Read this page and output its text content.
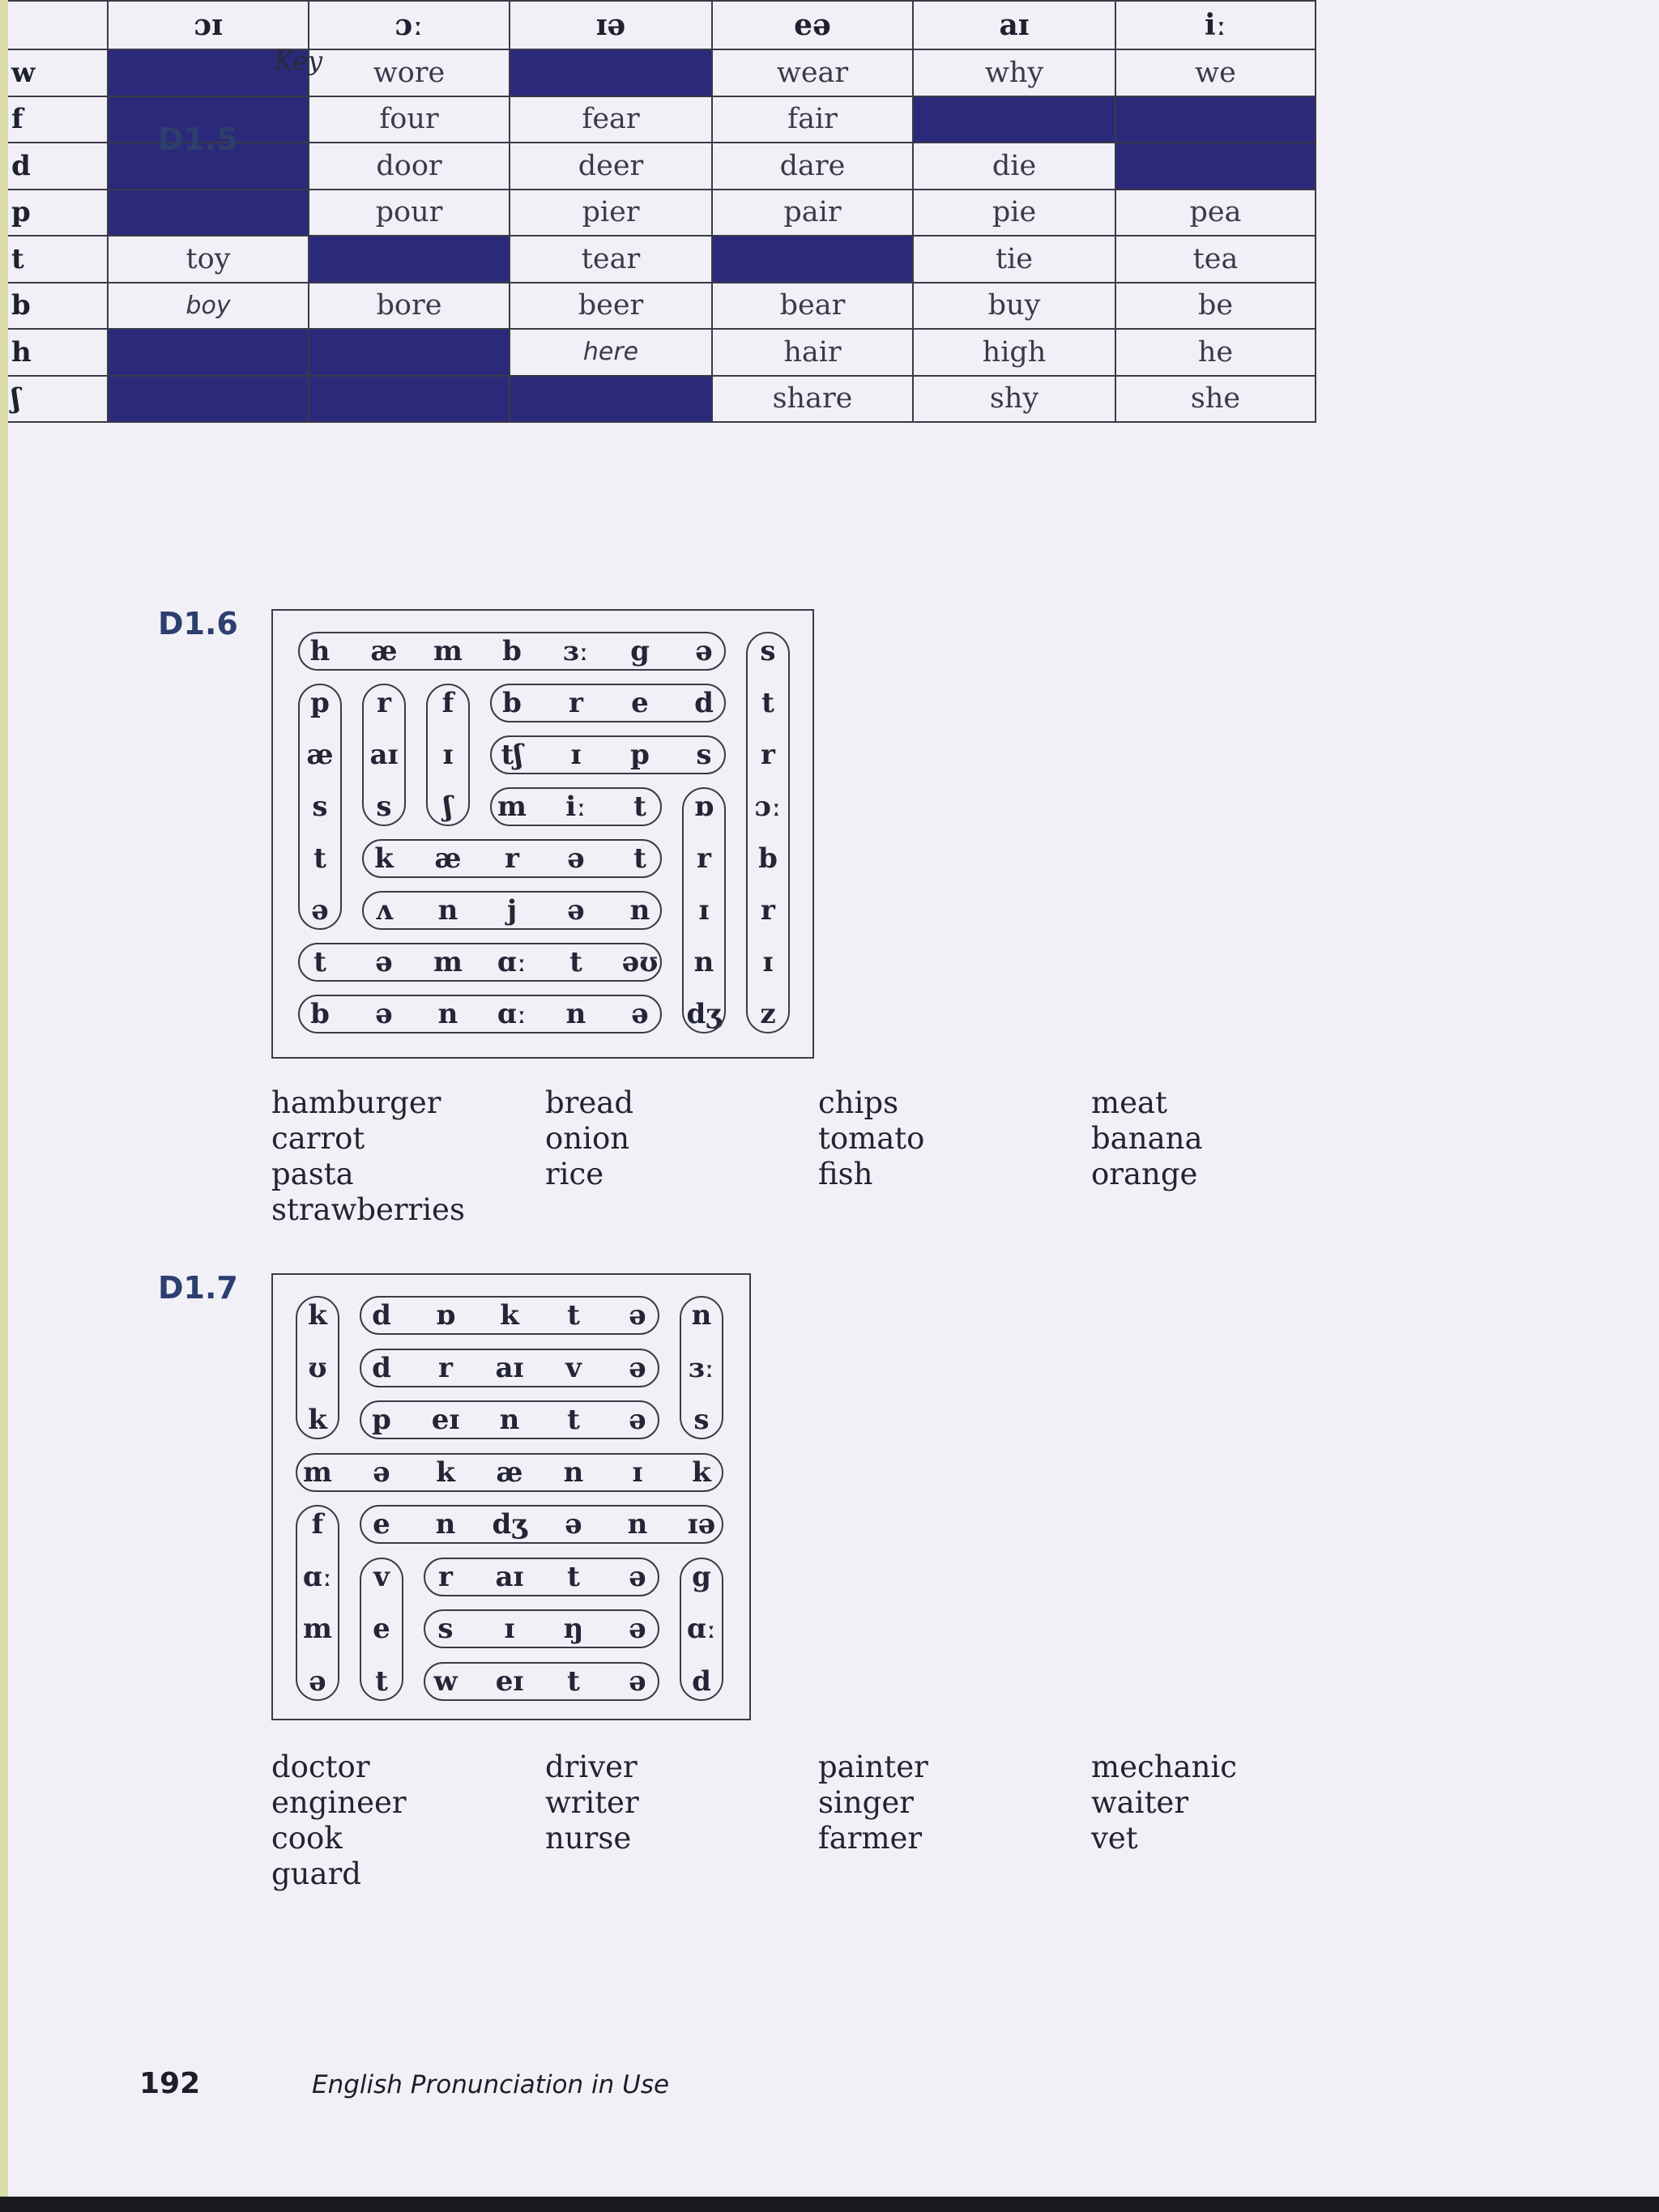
Key
D1.5
	ɔɪ	ɔː	ɪə	eə	aɪ	iː
w		wore		wear	why	we
f		four	fear	fair		
d		door	deer	dare	die	
p		pour	pier	pair	pie	pea
t	toy		tear		tie	tea
b	boy	bore	beer	bear	buy	be
h			here	hair	high	he
ʃ				share	shy	she
D1.6
h	æ	m	b	ɜː	g	ə	s
p	r	f	b	r	e	d	t
æ	aɪ	ɪ	tʃ	ɪ	p	s	r
s	s	ʃ	m	iː	t	ɒ	ɔː
t	k	æ	r	ə	t	r	b
ə	ʌ	n	j	ə	n	ɪ	r
t	ə	m	ɑː	t	əʊ	n	ɪ
b	ə	n	ɑː	n	ə	dʒ	z
hamburger
carrot
pasta
strawberries
bread
onion
rice
chips
tomato
fish
meat
banana
orange
D1.7
k	d	ɒ	k	t	ə	n
ʊ	d	r	aɪ	v	ə	ɜː
k	p	eɪ	n	t	ə	s
m	ə	k	æ	n	ɪ	k
f	e	n	dʒ	ə	n	ɪə
ɑː	v	r	aɪ	t	ə	g
m	e	s	ɪ	ŋ	ə	ɑː
ə	t	w	eɪ	t	ə	d
doctor
engineer
cook
guard
driver
writer
nurse
painter
singer
farmer
mechanic
waiter
vet
192	English Pronunciation in Use
